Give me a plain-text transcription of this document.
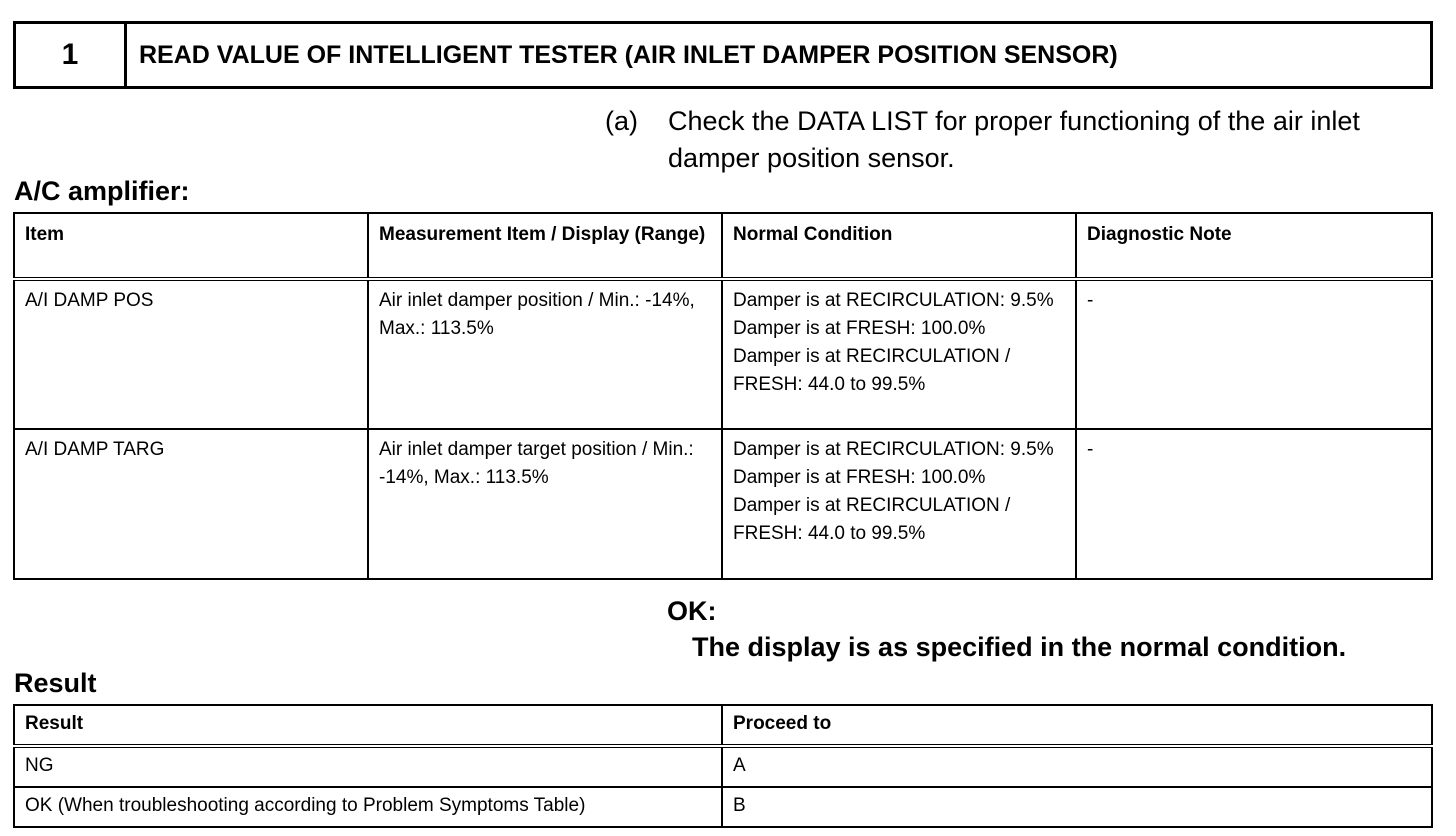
1	READ VALUE OF INTELLIGENT TESTER (AIR INLET DAMPER POSITION SENSOR)
(a) Check the DATA LIST for proper functioning of the air inlet damper position sensor.
A/C amplifier:
Item	Measurement Item / Display (Range)	Normal Condition	Diagnostic Note
A/I DAMP POS	Air inlet damper position / Min.: -14%, Max.: 113.5%	Damper is at RECIRCULATION: 9.5%
Damper is at FRESH: 100.0%
Damper is at RECIRCULATION / FRESH: 44.0 to 99.5%	-
A/I DAMP TARG	Air inlet damper target position / Min.: -14%, Max.: 113.5%	Damper is at RECIRCULATION: 9.5%
Damper is at FRESH: 100.0%
Damper is at RECIRCULATION / FRESH: 44.0 to 99.5%	-
OK:
The display is as specified in the normal condition.
Result
Result	Proceed to
NG	A
OK (When troubleshooting according to Problem Symptoms Table)	B
